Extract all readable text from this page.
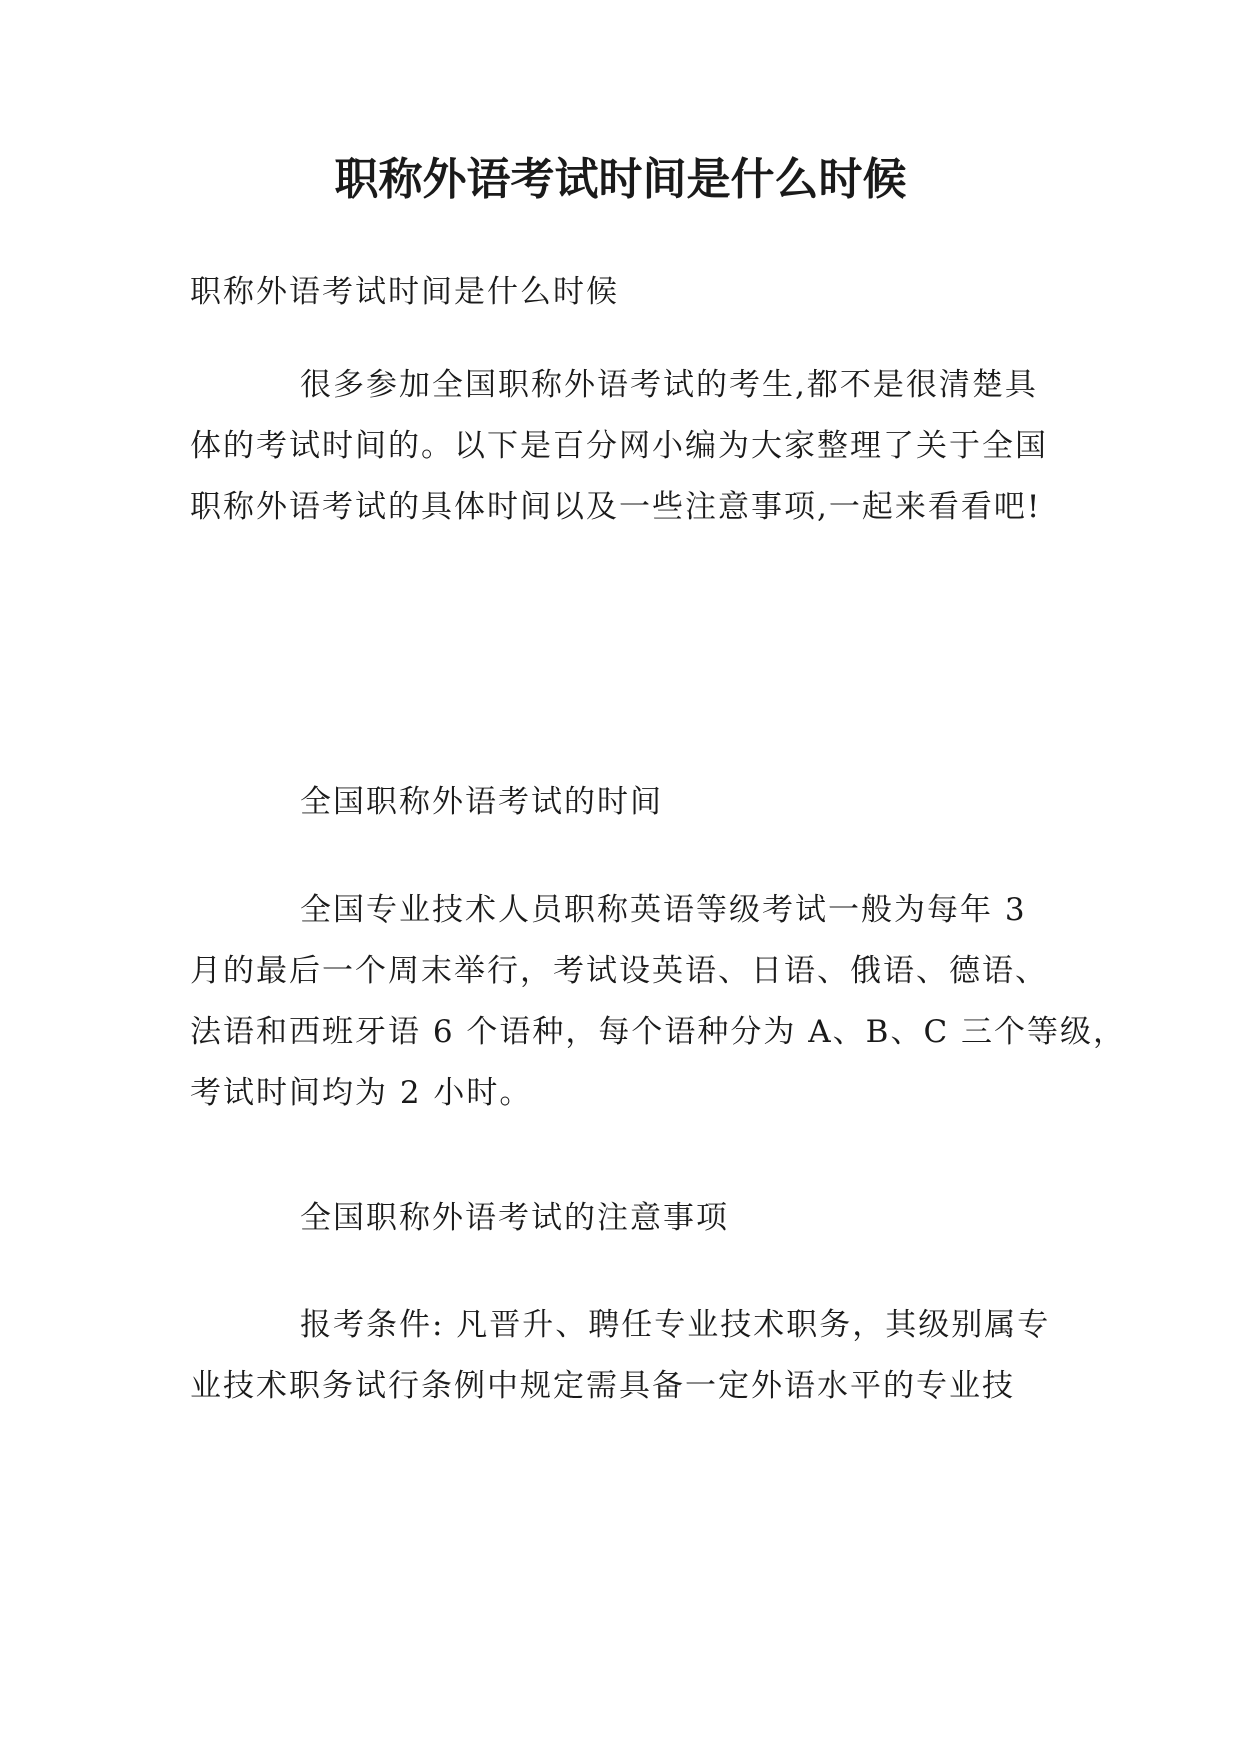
职称外语考试时间是什么时候

职称外语考试时间是什么时候

很多参加全国职称外语考试的考生,都不是很清楚具
体的考试时间的。以下是百分网小编为大家整理了关于全国
职称外语考试的具体时间以及一些注意事项,一起来看看吧!

全国职称外语考试的时间

全国专业技术人员职称英语等级考试一般为每年 3
月的最后一个周末举行，考试设英语、日语、俄语、德语、
法语和西班牙语 6 个语种，每个语种分为 A、B、C 三个等级，
考试时间均为 2 小时。

全国职称外语考试的注意事项

报考条件: 凡晋升、聘任专业技术职务，其级别属专
业技术职务试行条例中规定需具备一定外语水平的专业技
